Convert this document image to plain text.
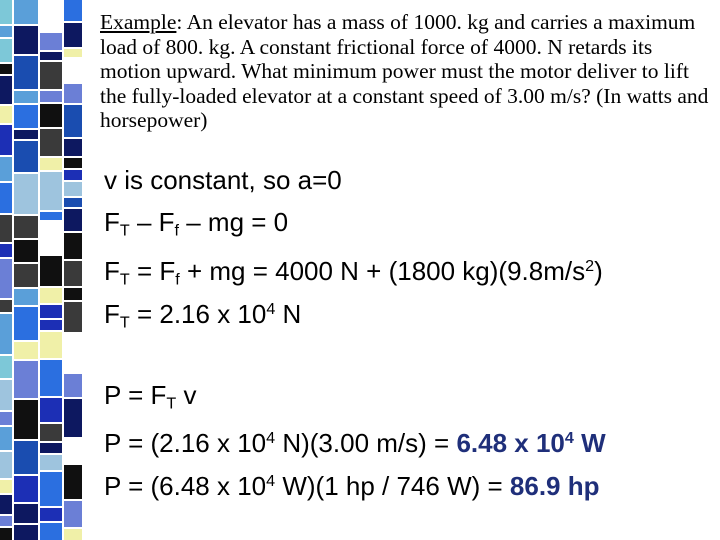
Example: An elevator has a mass of 1000. kg and carries a maximum load of 800. kg. A constant frictional force of 4000. N retards its motion upward. What minimum power must the motor deliver to lift the fully-loaded elevator at a constant speed of 3.00 m/s? (In watts and horsepower)
v is constant, so a=0
$F_T - F_f$ – mg = 0
$F_T = F_f$ + mg = 4000 N + (1800 $kg)(9.8m/s^2)$
$F_T = 2.16$ x $10^4$ N
$P = F_T$ v
P = (2.16 x $10^4$ N)(3.00 m/s) = 6.48 x $10^4$ W
P = (6.48 x $10^4$ W)(1 hp / 746 W) = 86.9 hp
